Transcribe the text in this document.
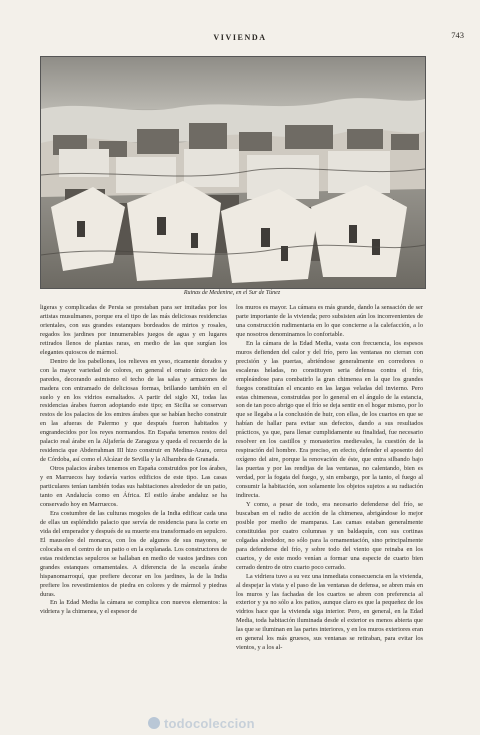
VIVIENDA	743
Ruinas de Medenine, en el Sur de Túnez

ligeras y complicadas de Persia se prestaban para ser imitadas por los artistas musulmanes, porque era el tipo de las más deliciosas residencias orientales, con sus grandes estanques bordeados de mirtos y rosales, regados los jardines por innumerables juegos de agua y en lugares retirados llenos de plantas raras, en medio de las que surgían los elegantes quioscos de mármol.

Dentro de los pabellones, los relieves en yeso, ricamente dorados y con la mayor variedad de colores, en general el ornato único de las paredes, decorando asimismo el techo de las salas y armazones de madera con entramado de deliciosas formas, brillando también en el suelo y en los vidrios esmaltados. A partir del siglo XI, todas las residencias árabes fueron adoptando este tipo; en Sicilia se conservan restos de los palacios de los emires árabes que se habían hecho construir en las afueras de Palermo y que después fueron habitados y engrandecidos por los reyes normandos. En España tenemos restos del palacio real árabe en la Aljafería de Zaragoza y queda el recuerdo de la residencia que Abderrahman III hizo construir en Medina-Azara, cerca de Córdoba, así como el Alcázar de Sevilla y la Alhambra de Granada.

Otros palacios árabes tenemos en España construidos por los árabes, y en Marruecos hay todavía varios edificios de este tipo. Las casas particulares tenían también todas sus habitaciones alrededor de un patio, tanto en Andalucía como en África. El estilo árabe andaluz se ha conservado hoy en Marruecos.

Era costumbre de las culturas mogoles de la India edificar cada una de ellas un espléndido palacio que servía de residencia para la corte en vida del emperador y después de su muerte era transformado en sepulcro. El mausoleo del monarca, con los de algunos de sus mayores, se colocaba en el centro de un patio o en la explanada. Los constructores de estas residencias sepulcros se hallaban en medio de vastos jardines con grandes estanques ornamentales. A diferencia de la escuela árabe hispanomarroquí, que prefiere decorar en los jardines, la de la India prefiere los revestimientos de piedra en colores y de mármol y piedras duras.

En la Edad Media la cámara se complica con nuevos elementos: la vidriera y la chimenea, y el espesor de

los muros es mayor. La cámara es más grande, dando la sensación de ser parte importante de la vivienda; pero subsisten aún los inconvenientes de una construcción rudimentaria en lo que concierne a la calefacción, a lo que nosotros denominamos lo confortable.

En la cámara de la Edad Media, vasta con frecuencia, los espesos muros defienden del calor y del frío, pero las ventanas no cierran con precisión y las puertas, abriéndose generalmente en corredores o escaleras heladas, no constituyen seria defensa contra el frío, empleándose para combatirlo la gran chimenea en la que los grandes fuegos constituían el encanto en las largas veladas del invierno. Pero estas chimeneas, construidas por lo general en el ángulo de la estancia, son de tan poco abrigo que el frío se deja sentir en el hogar mismo, por lo que se llegaba a la conclusión de huir, con ellas, de los cuartos en que se habían de hallar para evitar sus defectos, dando a sus resultados prácticos, ya que, para llenar cumplidamente su finalidad, fue necesario resolver en los castillos y monasterios medievales, la cuestión de la respiración del hombre. Era preciso, en efecto, defender el aposento del oxígeno del aire, porque la renovación de éste, que entra silbando bajo las puertas y por las rendijas de las ventanas, no calentando, bien es verdad, por la fogata del fuego, y, sin embargo, por la tanto, el fuego al consumir la habitación, son solamente los objetos sujetos a su radiación indirecta.

Y como, a pesar de todo, era necesario defenderse del frío, se buscaban en el radio de acción de la chimenea, abrigándose lo mejor posible por medio de mamparas. Las camas estaban generalmente constituidas por cuatro columnas y un baldaquín, con sus cortinas colgadas alrededor, no sólo para la ornamentación, sino principalmente para defenderse del frío, y sobre todo del viento que reinaba en los cuartos, y de este modo venían a formar una especie de cuarto bien cerrado dentro de otro cuarto poco cerrado.

La vidriera tuvo a su vez una inmediata consecuencia en la vivienda, al despejar la vista y el paso de las ventanas de defensa, se abren más en los muros y las fachadas de los cuartos se abren con preferencia al exterior y ya no sólo a los patios, aunque claro es que la pequeñez de los vidrios hace que la vivienda siga interior. Pero, en general, en la Edad Media, toda habitación iluminada desde el exterior es menos abierta que las que se iluminan en las partes interiores, y en los muros exteriores eran en general los más gruesos, sus ventanas se retiraban, para evitar los vientos, y a los al-

todocoleccion
